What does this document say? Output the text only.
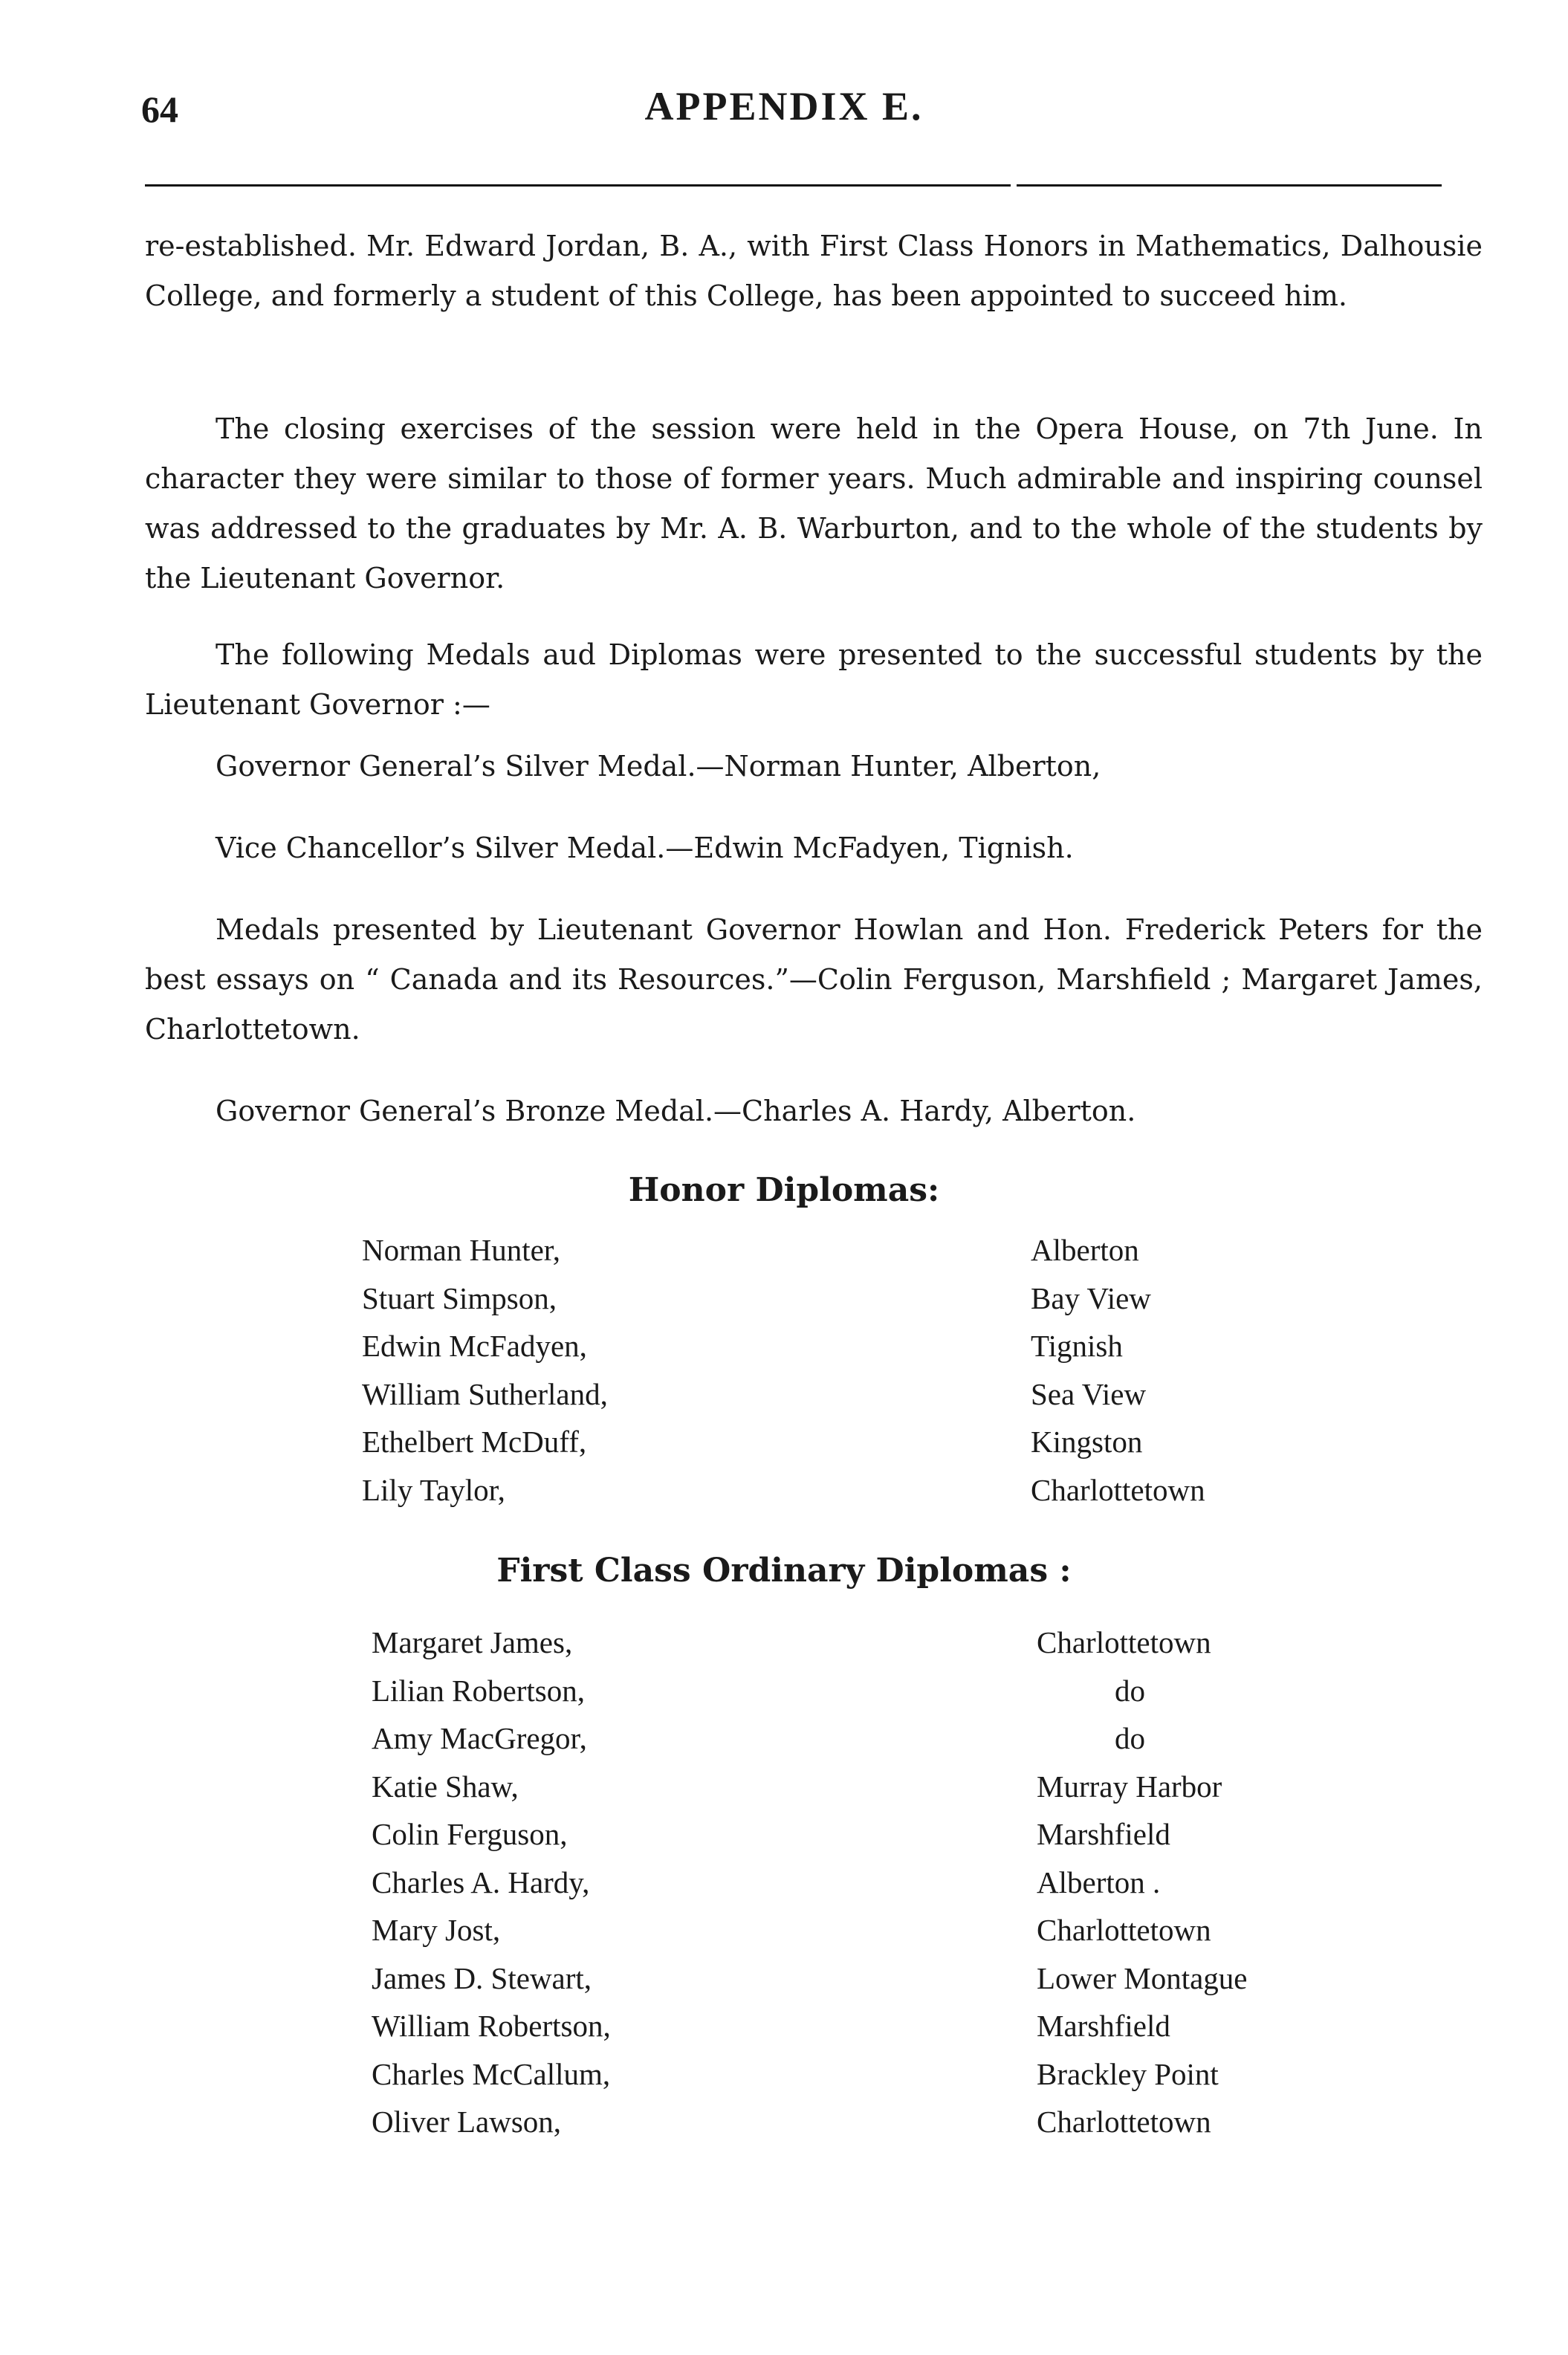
64	APPENDIX E.

re-established. Mr. Edward Jordan, B. A., with First Class Honors in Mathematics, Dalhousie College, and formerly a student of this College, has been appointed to succeed him.

The closing exercises of the session were held in the Opera House, on 7th June. In character they were similar to those of former years. Much admirable and inspiring counsel was addressed to the graduates by Mr. A. B. Warburton, and to the whole of the students by the Lieutenant Governor.

The following Medals aud Diplomas were presented to the successful students by the Lieutenant Governor :—

Governor General’s Silver Medal.—Norman Hunter, Alberton,

Vice Chancellor’s Silver Medal.—Edwin McFadyen, Tignish.

Medals presented by Lieutenant Governor Howlan and Hon. Frederick Peters for the best essays on “ Canada and its Resources.”—Colin Ferguson, Marshfield ; Margaret James, Charlottetown.

Governor General’s Bronze Medal.—Charles A. Hardy, Alberton.

Honor Diplomas:
Norman Hunter,	Alberton
Stuart Simpson,	Bay View
Edwin McFadyen,	Tignish
William Sutherland,	Sea View
Ethelbert McDuff,	Kingston
Lily Taylor,	Charlottetown
First Class Ordinary Diplomas :
Margaret James,	Charlottetown
Lilian Robertson,	do
Amy MacGregor,	do
Katie Shaw,	Murray Harbor
Colin Ferguson,	Marshfield
Charles A. Hardy,	Alberton .
Mary Jost,	Charlottetown
James D. Stewart,	Lower Montague
William Robertson,	Marshfield
Charles McCallum,	Brackley Point
Oliver Lawson,	Charlottetown
